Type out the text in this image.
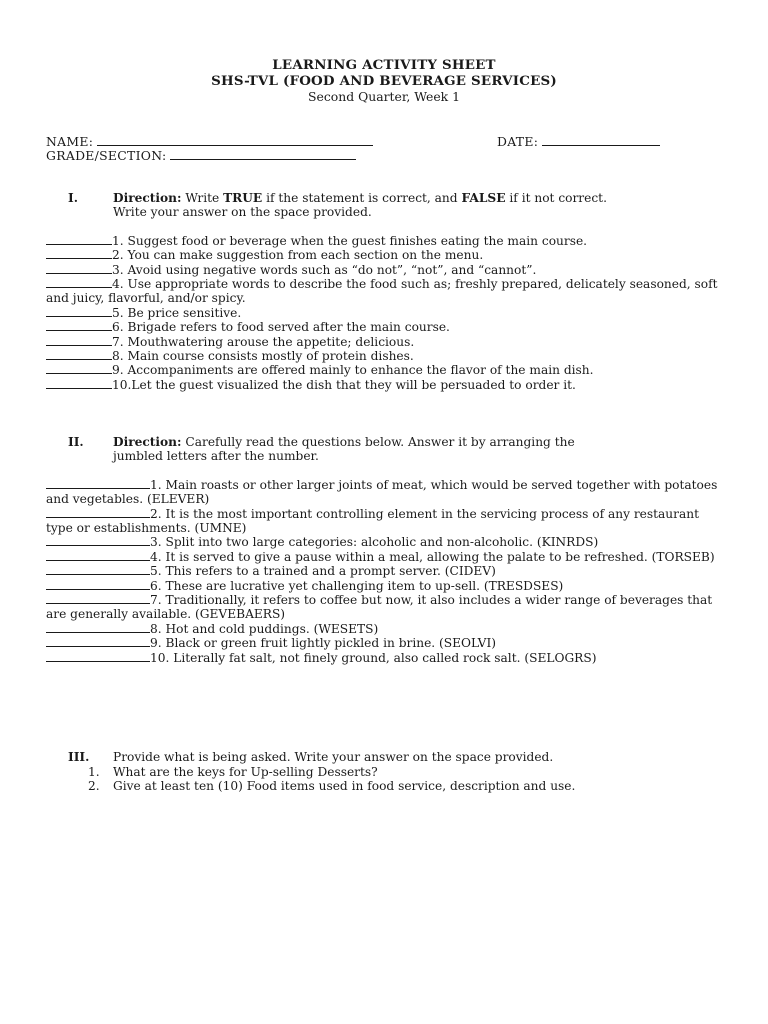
LEARNING ACTIVITY SHEET
SHS-TVL (FOOD AND BEVERAGE SERVICES)
Second Quarter, Week 1
NAME:	DATE:
GRADE/SECTION:
I.	Direction: Write TRUE if the statement is correct, and FALSE if it not correct.
Write your answer on the space provided.
1. Suggest food or beverage when the guest finishes eating the main course.
2. You can make suggestion from each section on the menu.
3. Avoid using negative words such as “do not”, “not”, and “cannot”.
4. Use appropriate words to describe the food such as; freshly prepared, delicately seasoned, soft and juicy, flavorful, and/or spicy.
5. Be price sensitive.
6. Brigade refers to food served after the main course.
7. Mouthwatering arouse the appetite; delicious.
8. Main course consists mostly of protein dishes.
9. Accompaniments are offered mainly to enhance the flavor of the main dish.
10.Let the guest visualized the dish that they will be persuaded to order it.
II. Direction: Carefully read the questions below. Answer it by arranging the
jumbled letters after the number.
1. Main roasts or other larger joints of meat, which would be served together with potatoes and vegetables. (ELEVER)
2. It is the most important controlling element in the servicing process of any restaurant type or establishments. (UMNE)
3. Split into two large categories: alcoholic and non-alcoholic. (KINRDS)
4. It is served to give a pause within a meal, allowing the palate to be refreshed. (TORSEB)
5. This refers to a trained and a prompt server. (CIDEV)
6. These are lucrative yet challenging item to up-sell. (TRESDSES)
7. Traditionally, it refers to coffee but now, it also includes a wider range of beverages that are generally available. (GEVEBAERS)
8. Hot and cold puddings. (WESETS)
9. Black or green fruit lightly pickled in brine. (SEOLVI)
10. Literally fat salt, not finely ground, also called rock salt. (SELOGRS)
III. Provide what is being asked. Write your answer on the space provided.
1. What are the keys for Up-selling Desserts?
2. Give at least ten (10) Food items used in food service, description and use.
